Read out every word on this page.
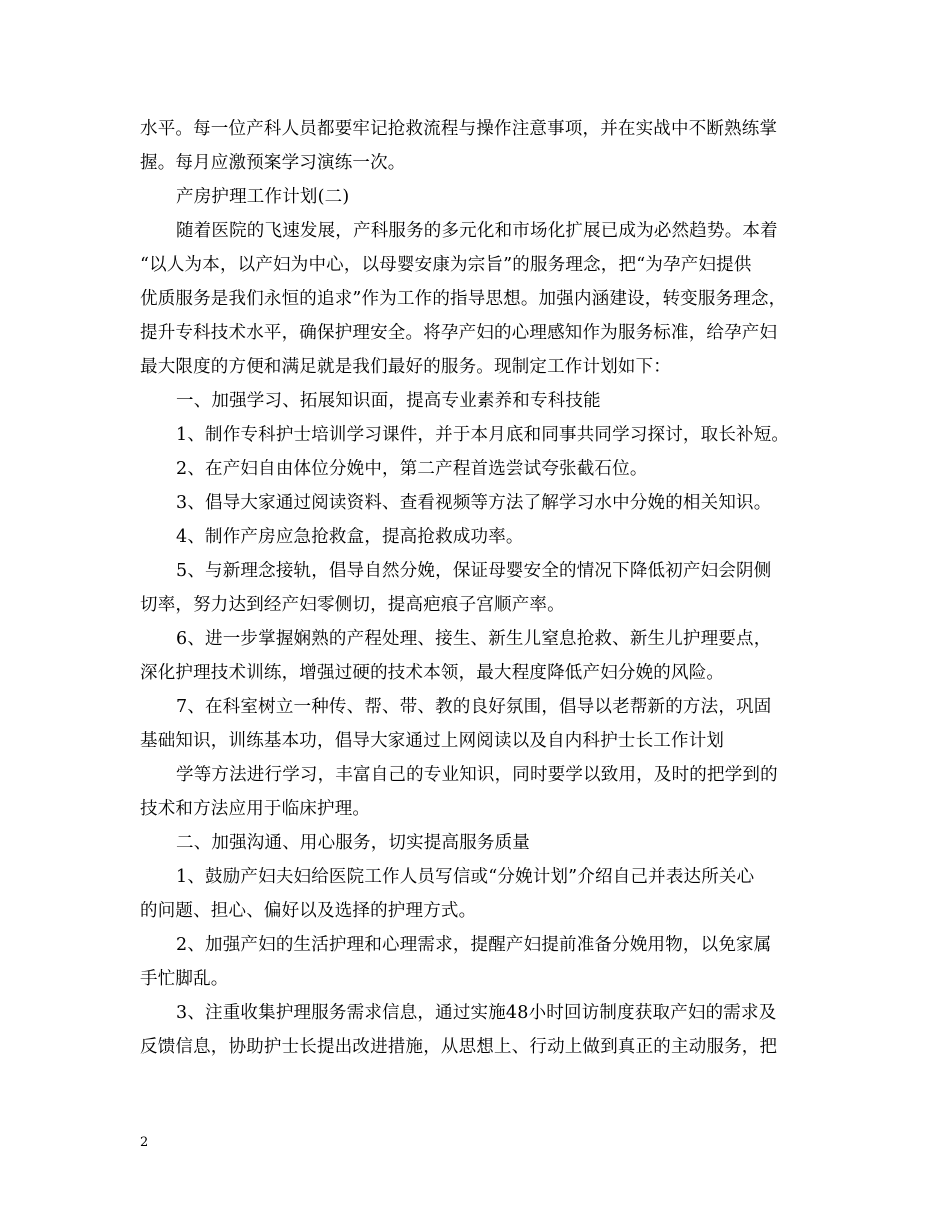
水平。每一位产科人员都要牢记抢救流程与操作注意事项，并在实战中不断熟练掌
握。每月应激预案学习演练一次。
产房护理工作计划(二)
随着医院的飞速发展，产科服务的多元化和市场化扩展已成为必然趋势。本着
“以人为本，以产妇为中心，以母婴安康为宗旨”的服务理念，把“为孕产妇提供
优质服务是我们永恒的追求”作为工作的指导思想。加强内涵建设，转变服务理念，
提升专科技术水平，确保护理安全。将孕产妇的心理感知作为服务标准，给孕产妇
最大限度的方便和满足就是我们最好的服务。现制定工作计划如下：
一、加强学习、拓展知识面，提高专业素养和专科技能
1、制作专科护士培训学习课件，并于本月底和同事共同学习探讨，取长补短。
2、在产妇自由体位分娩中，第二产程首选尝试夸张截石位。
3、倡导大家通过阅读资料、查看视频等方法了解学习水中分娩的相关知识。
4、制作产房应急抢救盒，提高抢救成功率。
5、与新理念接轨，倡导自然分娩，保证母婴安全的情况下降低初产妇会阴侧
切率，努力达到经产妇零侧切，提高疤痕子宫顺产率。
6、进一步掌握娴熟的产程处理、接生、新生儿窒息抢救、新生儿护理要点，
深化护理技术训练，增强过硬的技术本领，最大程度降低产妇分娩的风险。
7、在科室树立一种传、帮、带、教的良好氛围，倡导以老帮新的方法，巩固
基础知识，训练基本功，倡导大家通过上网阅读以及自内科护士长工作计划
学等方法进行学习，丰富自己的专业知识，同时要学以致用，及时的把学到的
技术和方法应用于临床护理。
二、加强沟通、用心服务，切实提高服务质量
1、鼓励产妇夫妇给医院工作人员写信或“分娩计划”介绍自己并表达所关心
的问题、担心、偏好以及选择的护理方式。
2、加强产妇的生活护理和心理需求，提醒产妇提前准备分娩用物，以免家属
手忙脚乱。
3、注重收集护理服务需求信息，通过实施48小时回访制度获取产妇的需求及
反馈信息，协助护士长提出改进措施，从思想上、行动上做到真正的主动服务，把
2
